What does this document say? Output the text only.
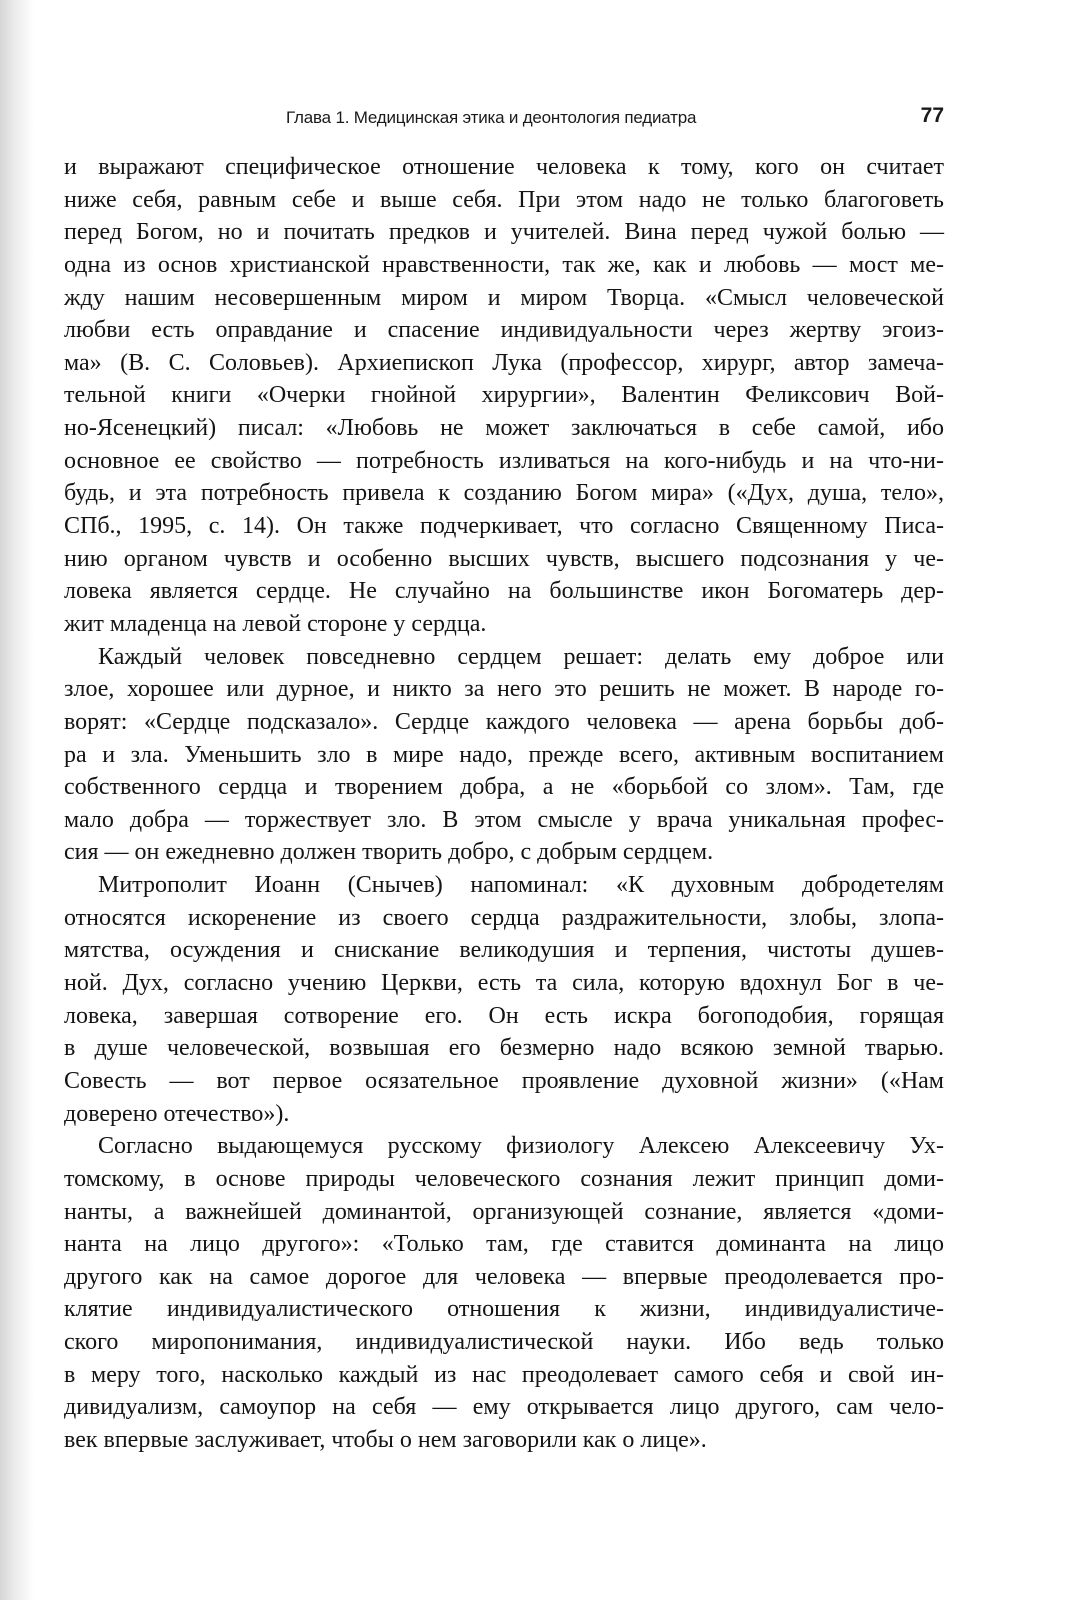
Глава 1. Медицинская этика и деонтология педиатра	77
и выражают специфическое отношение человека к тому, кого он считает
ниже себя, равным себе и выше себя. При этом надо не только благоговеть
перед Богом, но и почитать предков и учителей. Вина перед чужой болью —
одна из основ христианской нравственности, так же, как и любовь — мост ме-
жду нашим несовершенным миром и миром Творца. «Смысл человеческой
любви есть оправдание и спасение индивидуальности через жертву эгоиз-
ма» (В. С. Соловьев). Архиепископ Лука (профессор, хирург, автор замеча-
тельной книги «Очерки гнойной хирургии», Валентин Феликсович Вой-
но-Ясенецкий) писал: «Любовь не может заключаться в себе самой, ибо
основное ее свойство — потребность изливаться на кого-нибудь и на что-ни-
будь, и эта потребность привела к созданию Богом мира» («Дух, душа, тело»,
СПб., 1995, с. 14). Он также подчеркивает, что согласно Священному Писа-
нию органом чувств и особенно высших чувств, высшего подсознания у че-
ловека является сердце. Не случайно на большинстве икон Богоматерь дер-
жит младенца на левой стороне у сердца.
Каждый человек повседневно сердцем решает: делать ему доброе или
злое, хорошее или дурное, и никто за него это решить не может. В народе го-
ворят: «Сердце подсказало». Сердце каждого человека — арена борьбы доб-
ра и зла. Уменьшить зло в мире надо, прежде всего, активным воспитанием
собственного сердца и творением добра, а не «борьбой со злом». Там, где
мало добра — торжествует зло. В этом смысле у врача уникальная профес-
сия — он ежедневно должен творить добро, с добрым сердцем.
Митрополит Иоанн (Снычев) напоминал: «К духовным добродетелям
относятся искоренение из своего сердца раздражительности, злобы, злопа-
мятства, осуждения и снискание великодушия и терпения, чистоты душев-
ной. Дух, согласно учению Церкви, есть та сила, которую вдохнул Бог в че-
ловека, завершая сотворение его. Он есть искра богоподобия, горящая
в душе человеческой, возвышая его безмерно надо всякою земной тварью.
Совесть — вот первое осязательное проявление духовной жизни» («Нам
доверено отечество»).
Согласно выдающемуся русскому физиологу Алексею Алексеевичу Ух-
томскому, в основе природы человеческого сознания лежит принцип доми-
нанты, а важнейшей доминантой, организующей сознание, является «доми-
нанта на лицо другого»: «Только там, где ставится доминанта на лицо
другого как на самое дорогое для человека — впервые преодолевается про-
клятие индивидуалистического отношения к жизни, индивидуалистиче-
ского миропонимания, индивидуалистической науки. Ибо ведь только
в меру того, насколько каждый из нас преодолевает самого себя и свой ин-
дивидуализм, самоупор на себя — ему открывается лицо другого, сам чело-
век впервые заслуживает, чтобы о нем заговорили как о лице».
